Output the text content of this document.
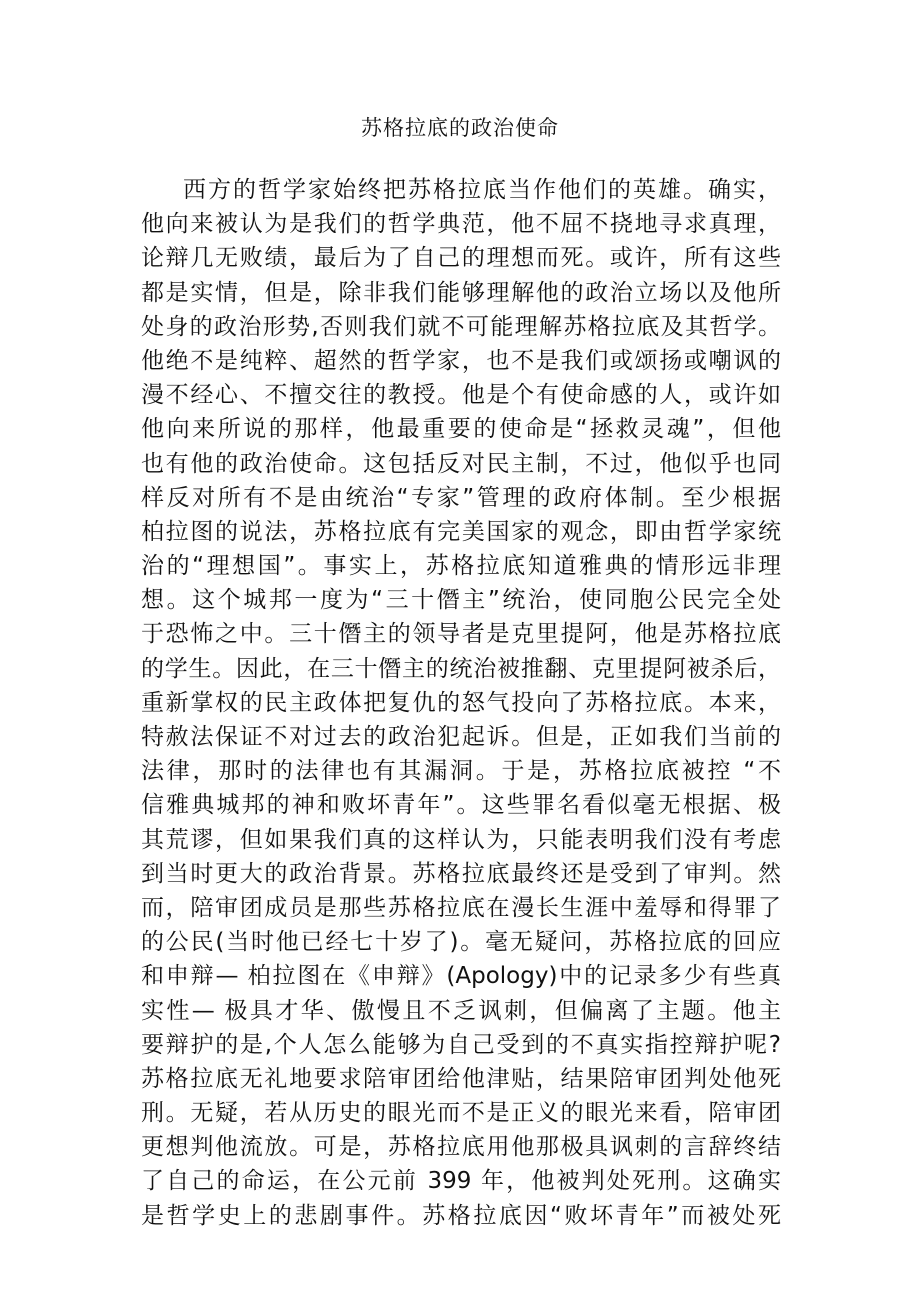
苏格拉底的政治使命
西方的哲学家始终把苏格拉底当作他们的英雄。确实，
他向来被认为是我们的哲学典范，他不屈不挠地寻求真理，
论辩几无败绩，最后为了自己的理想而死。或许，所有这些
都是实情，但是，除非我们能够理解他的政治立场以及他所
处身的政治形势,否则我们就不可能理解苏格拉底及其哲学。
他绝不是纯粹、超然的哲学家，也不是我们或颂扬或嘲讽的
漫不经心、不擅交往的教授。他是个有使命感的人，或许如
他向来所说的那样，他最重要的使命是“拯救灵魂”，但他
也有他的政治使命。这包括反对民主制，不过，他似乎也同
样反对所有不是由统治“专家”管理的政府体制。至少根据
柏拉图的说法，苏格拉底有完美国家的观念，即由哲学家统
治的“理想国”。事实上，苏格拉底知道雅典的情形远非理
想。这个城邦一度为“三十僭主”统治，使同胞公民完全处
于恐怖之中。三十僭主的领导者是克里提阿，他是苏格拉底
的学生。因此，在三十僭主的统治被推翻、克里提阿被杀后，
重新掌权的民主政体把复仇的怒气投向了苏格拉底。本来，
特赦法保证不对过去的政治犯起诉。但是，正如我们当前的
法律，那时的法律也有其漏洞。于是，苏格拉底被控 “不
信雅典城邦的神和败坏青年”。这些罪名看似毫无根据、极
其荒谬，但如果我们真的这样认为，只能表明我们没有考虑
到当时更大的政治背景。苏格拉底最终还是受到了审判。然
而，陪审团成员是那些苏格拉底在漫长生涯中羞辱和得罪了
的公民(当时他已经七十岁了)。毫无疑问，苏格拉底的回应
和申辩— 柏拉图在《申辩》(Apology)中的记录多少有些真
实性— 极具才华、傲慢且不乏讽刺，但偏离了主题。他主
要辩护的是,个人怎么能够为自己受到的不真实指控辩护呢?
苏格拉底无礼地要求陪审团给他津贴，结果陪审团判处他死
刑。无疑，若从历史的眼光而不是正义的眼光来看，陪审团
更想判他流放。可是，苏格拉底用他那极具讽刺的言辞终结
了自己的命运，在公元前 399 年，他被判处死刑。这确实
是哲学史上的悲剧事件。苏格拉底因“败坏青年”而被处死
